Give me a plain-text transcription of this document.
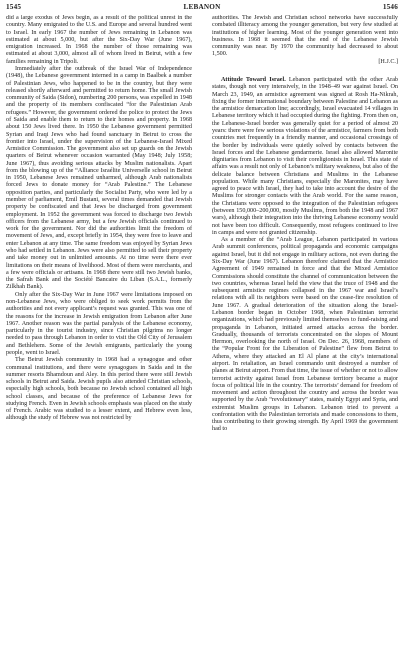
1545	LEBANON	1546

did a large exodus of Jews begin, as a result of the political unrest in the country. Many emigrated to the U.S. and Europe and several hundred went to Israel. In early 1967 the number of Jews remaining in Lebanon was estimated at about 5,000, but after the Six-Day War (June 1967), emigration increased. In 1968 the number of those remaining was estimated at about 3,000, almost all of whom lived in Beirut, with a few families remaining in Tripoli.

Immediately after the outbreak of the Israel War of Independence (1948), the Lebanese government interned in a camp in Baalbek a number of Palestinian Jews, who happened to be in the country, but they were released shortly afterward and permitted to return home. The small Jewish community of Saida (Sidon), numbering 200 persons, was expelled in 1948 and the property of its members confiscated “for the Palestinian Arab refugees.” However, the government ordered the police to protect the Jews of Saida and enable them to return to their homes and property. In 1968 about 150 Jews lived there. In 1950 the Lebanese government permitted Syrian and Iraqi Jews who had found sanctuary in Beirut to cross the frontier into Israel, under the supervision of the Lebanese-Israel Mixed Armistice Commission. The government also set up guards on the Jewish quarters of Beirut whenever occasion warranted (May 1948; July 1958; June 1967), thus avoiding serious attacks by Muslim nationalists. Apart from the blowing up of the “Alliance Israélite Universelle school in Beirut in 1950, Lebanese Jews remained unharmed, although Arab nationalists forced Jews to donate money for “Arab Palestine.” The Lebanese opposition parties, and particularly the Socialist Party, who were led by a member of parliament, Emil Bustani, several times demanded that Jewish property be confiscated and that Jews be discharged from government employment. In 1952 the government was forced to discharge two Jewish officers from the Lebanese army, but a few Jewish officials continued to work for the government. Nor did the authorities limit the freedom of movement of Jews, and, except briefly in 1954, they were free to leave and enter Lebanon at any time. The same freedom was enjoyed by Syrian Jews who had settled in Lebanon. Jews were also permitted to sell their property and take money out in unlimited amounts. At no time were there ever limitations on their means of livelihood. Most of them were merchants, and a few were officials or artisans. In 1968 there were still two Jewish banks, the Safrah Bank and the Société Bancaire du Liban (S.A.L., formerly Zilkhah Bank).

Only after the Six-Day War in June 1967 were limitations imposed on non-Lebanese Jews, who were obliged to seek work permits from the authorities and not every applicant’s request was granted. This was one of the reasons for the increase in Jewish emigration from Lebanon after June 1967. Another reason was the partial paralysis of the Lebanese economy, particularly in the tourist industry, since Christian pilgrims no longer needed to pass through Lebanon in order to visit the Old City of Jerusalem and Bethlehem. Some of the Jewish emigrants, particularly the young people, went to Israel.

The Beirut Jewish community in 1968 had a synagogue and other communal institutions, and there were synagogues in Saida and in the summer resorts Bhamdoun and Aley. In this period there were still Jewish schools in Beirut and Saida. Jewish pupils also attended Christian schools, especially high schools, both because no Jewish school contained all high school classes, and because of the preference of Lebanese Jews for studying French. Even in Jewish schools emphasis was placed on the study of French. Arabic was studied to a lesser extent, and Hebrew even less, although the study of Hebrew was not restricted by

authorities. The Jewish and Christian school networks have successfully combated illiteracy among the younger generation, but very few studied at institutions of higher learning. Most of the younger generation went into business. In 1968 it seemed that the end of the Lebanese Jewish community was near. By 1970 the community had decreased to about 1,500.

[H.J.C.]

Attitude Toward Israel. Lebanon participated with the other Arab states, though not very intensively, in the 1948–49 war against Israel. On March 23, 1949, an armistice agreement was signed at Rosh Ha-Nikrah, fixing the former international boundary between Palestine and Lebanon as the armistice demarcation line; accordingly, Israel evacuated 14 villages in Lebanese territory which it had occupied during the fighting. From then on, the Lebanese-Israel border was generally quiet for a period of almost 20 years: there were few serious violations of the armistice, farmers from both countries met frequently in a friendly manner, and occasional crossings of the border by individuals were quietly solved by contacts between the Israel forces and the Lebanese gendarmerie. Israel also allowed Maronite dignitaries from Lebanon to visit their coreligionists in Israel. This state of affairs was a result not only of Lebanon’s military weakness, but also of the delicate balance between Christians and Muslims in the Lebanese population. While many Christians, especially the Maronites, may have agreed to peace with Israel, they had to take into account the desire of the Muslims for stronger contacts with the Arab world. For the same reason, the Christians were opposed to the integration of the Palestinian refugees (between 150,000–200,000, mostly Muslims, from both the 1948 and 1967 wars), although their integration into the thriving Lebanese economy would not have been too difficult. Consequently, most refugees continued to live in camps and were not granted citizenship.

As a member of the “Arab League, Lebanon participated in various Arab summit conferences, political propaganda and economic campaigns against Israel, but it did not engage in military actions, not even during the Six-Day War (June 1967). Lebanon therefore claimed that the Armistice Agreement of 1949 remained in force and that the Mixed Armistice Commissions should constitute the channel of communication between the two countries, whereas Israel held the view that the truce of 1948 and the subsequent armistice regimes collapsed in the 1967 war and Israel’s relations with all its neighbors were based on the cease-fire resolution of June 1967. A gradual deterioration of the situation along the Israel-Lebanon border began in October 1968, when Palestinian terrorist organizations, which had previously limited themselves to fund-raising and propaganda in Lebanon, initiated armed attacks across the border. Gradually, thousands of terrorists concentrated on the slopes of Mount Hermon, overlooking the north of Israel. On Dec. 26, 1968, members of the “Popular Front for the Liberation of Palestine” flew from Beirut to Athens, where they attacked an El Al plane at the city’s international airport. In retaliation, an Israel commando unit destroyed a number of planes at Beirut airport. From that time, the issue of whether or not to allow terrorist activity against Israel from Lebanese territory became a major focus of political life in the country. The terrorists’ demand for freedom of movement and action throughout the country and across the border was supported by the Arab “revolutionary” states, mainly Egypt and Syria, and extremist Muslim groups in Lebanon. Lebanon tried to prevent a confrontation with the Palestinian terrorists and made concessions to them, thus contributing to their growing strength. By April 1969 the government had to
